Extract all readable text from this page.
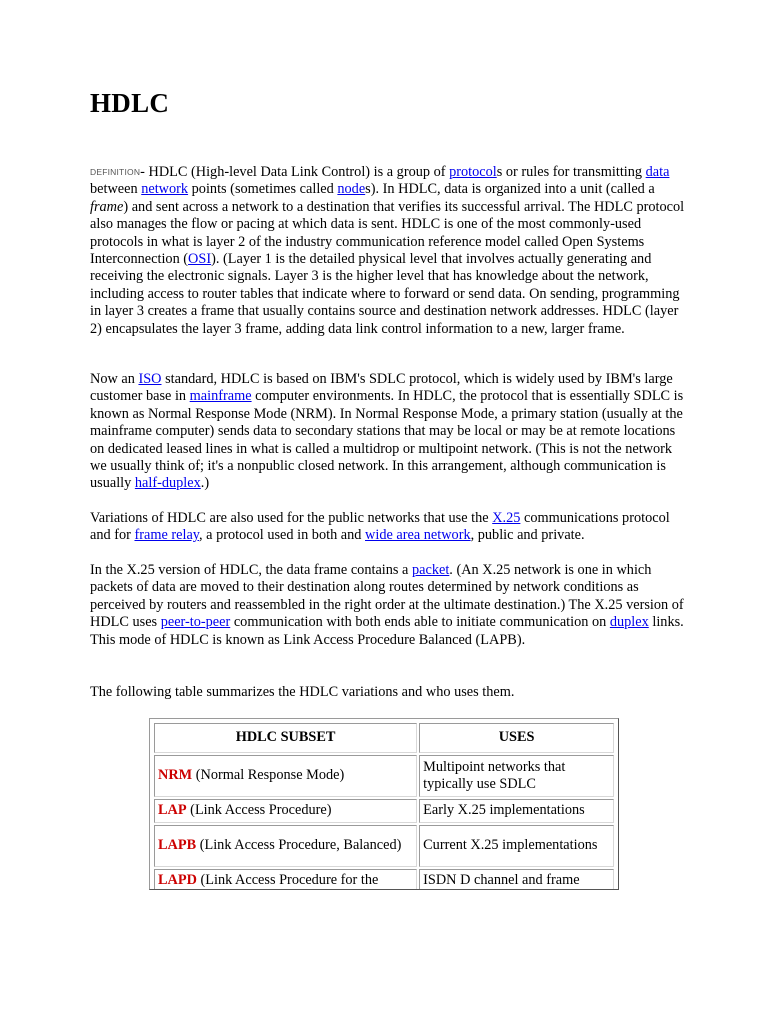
HDLC

DEFINITION- HDLC (High-level Data Link Control) is a group of protocols or rules for transmitting data between network points (sometimes called nodes). In HDLC, data is organized into a unit (called a frame) and sent across a network to a destination that verifies its successful arrival. The HDLC protocol also manages the flow or pacing at which data is sent. HDLC is one of the most commonly-used protocols in what is layer 2 of the industry communication reference model called Open Systems Interconnection (OSI). (Layer 1 is the detailed physical level that involves actually generating and receiving the electronic signals. Layer 3 is the higher level that has knowledge about the network, including access to router tables that indicate where to forward or send data. On sending, programming in layer 3 creates a frame that usually contains source and destination network addresses. HDLC (layer 2) encapsulates the layer 3 frame, adding data link control information to a new, larger frame.

Now an ISO standard, HDLC is based on IBM's SDLC protocol, which is widely used by IBM's large customer base in mainframe computer environments. In HDLC, the protocol that is essentially SDLC is known as Normal Response Mode (NRM). In Normal Response Mode, a primary station (usually at the mainframe computer) sends data to secondary stations that may be local or may be at remote locations on dedicated leased lines in what is called a multidrop or multipoint network. (This is not the network we usually think of; it's a nonpublic closed network. In this arrangement, although communication is usually half-duplex.)

Variations of HDLC are also used for the public networks that use the X.25 communications protocol and for frame relay, a protocol used in both and wide area network, public and private.

In the X.25 version of HDLC, the data frame contains a packet. (An X.25 network is one in which packets of data are moved to their destination along routes determined by network conditions as perceived by routers and reassembled in the right order at the ultimate destination.) The X.25 version of HDLC uses peer-to-peer communication with both ends able to initiate communication on duplex links. This mode of HDLC is known as Link Access Procedure Balanced (LAPB).

The following table summarizes the HDLC variations and who uses them.

HDLC SUBSET	USES
NRM (Normal Response Mode)	Multipoint networks that typically use SDLC
LAP (Link Access Procedure)	Early X.25 implementations
LAPB (Link Access Procedure, Balanced)	Current X.25 implementations
LAPD (Link Access Procedure for the	ISDN D channel and frame
